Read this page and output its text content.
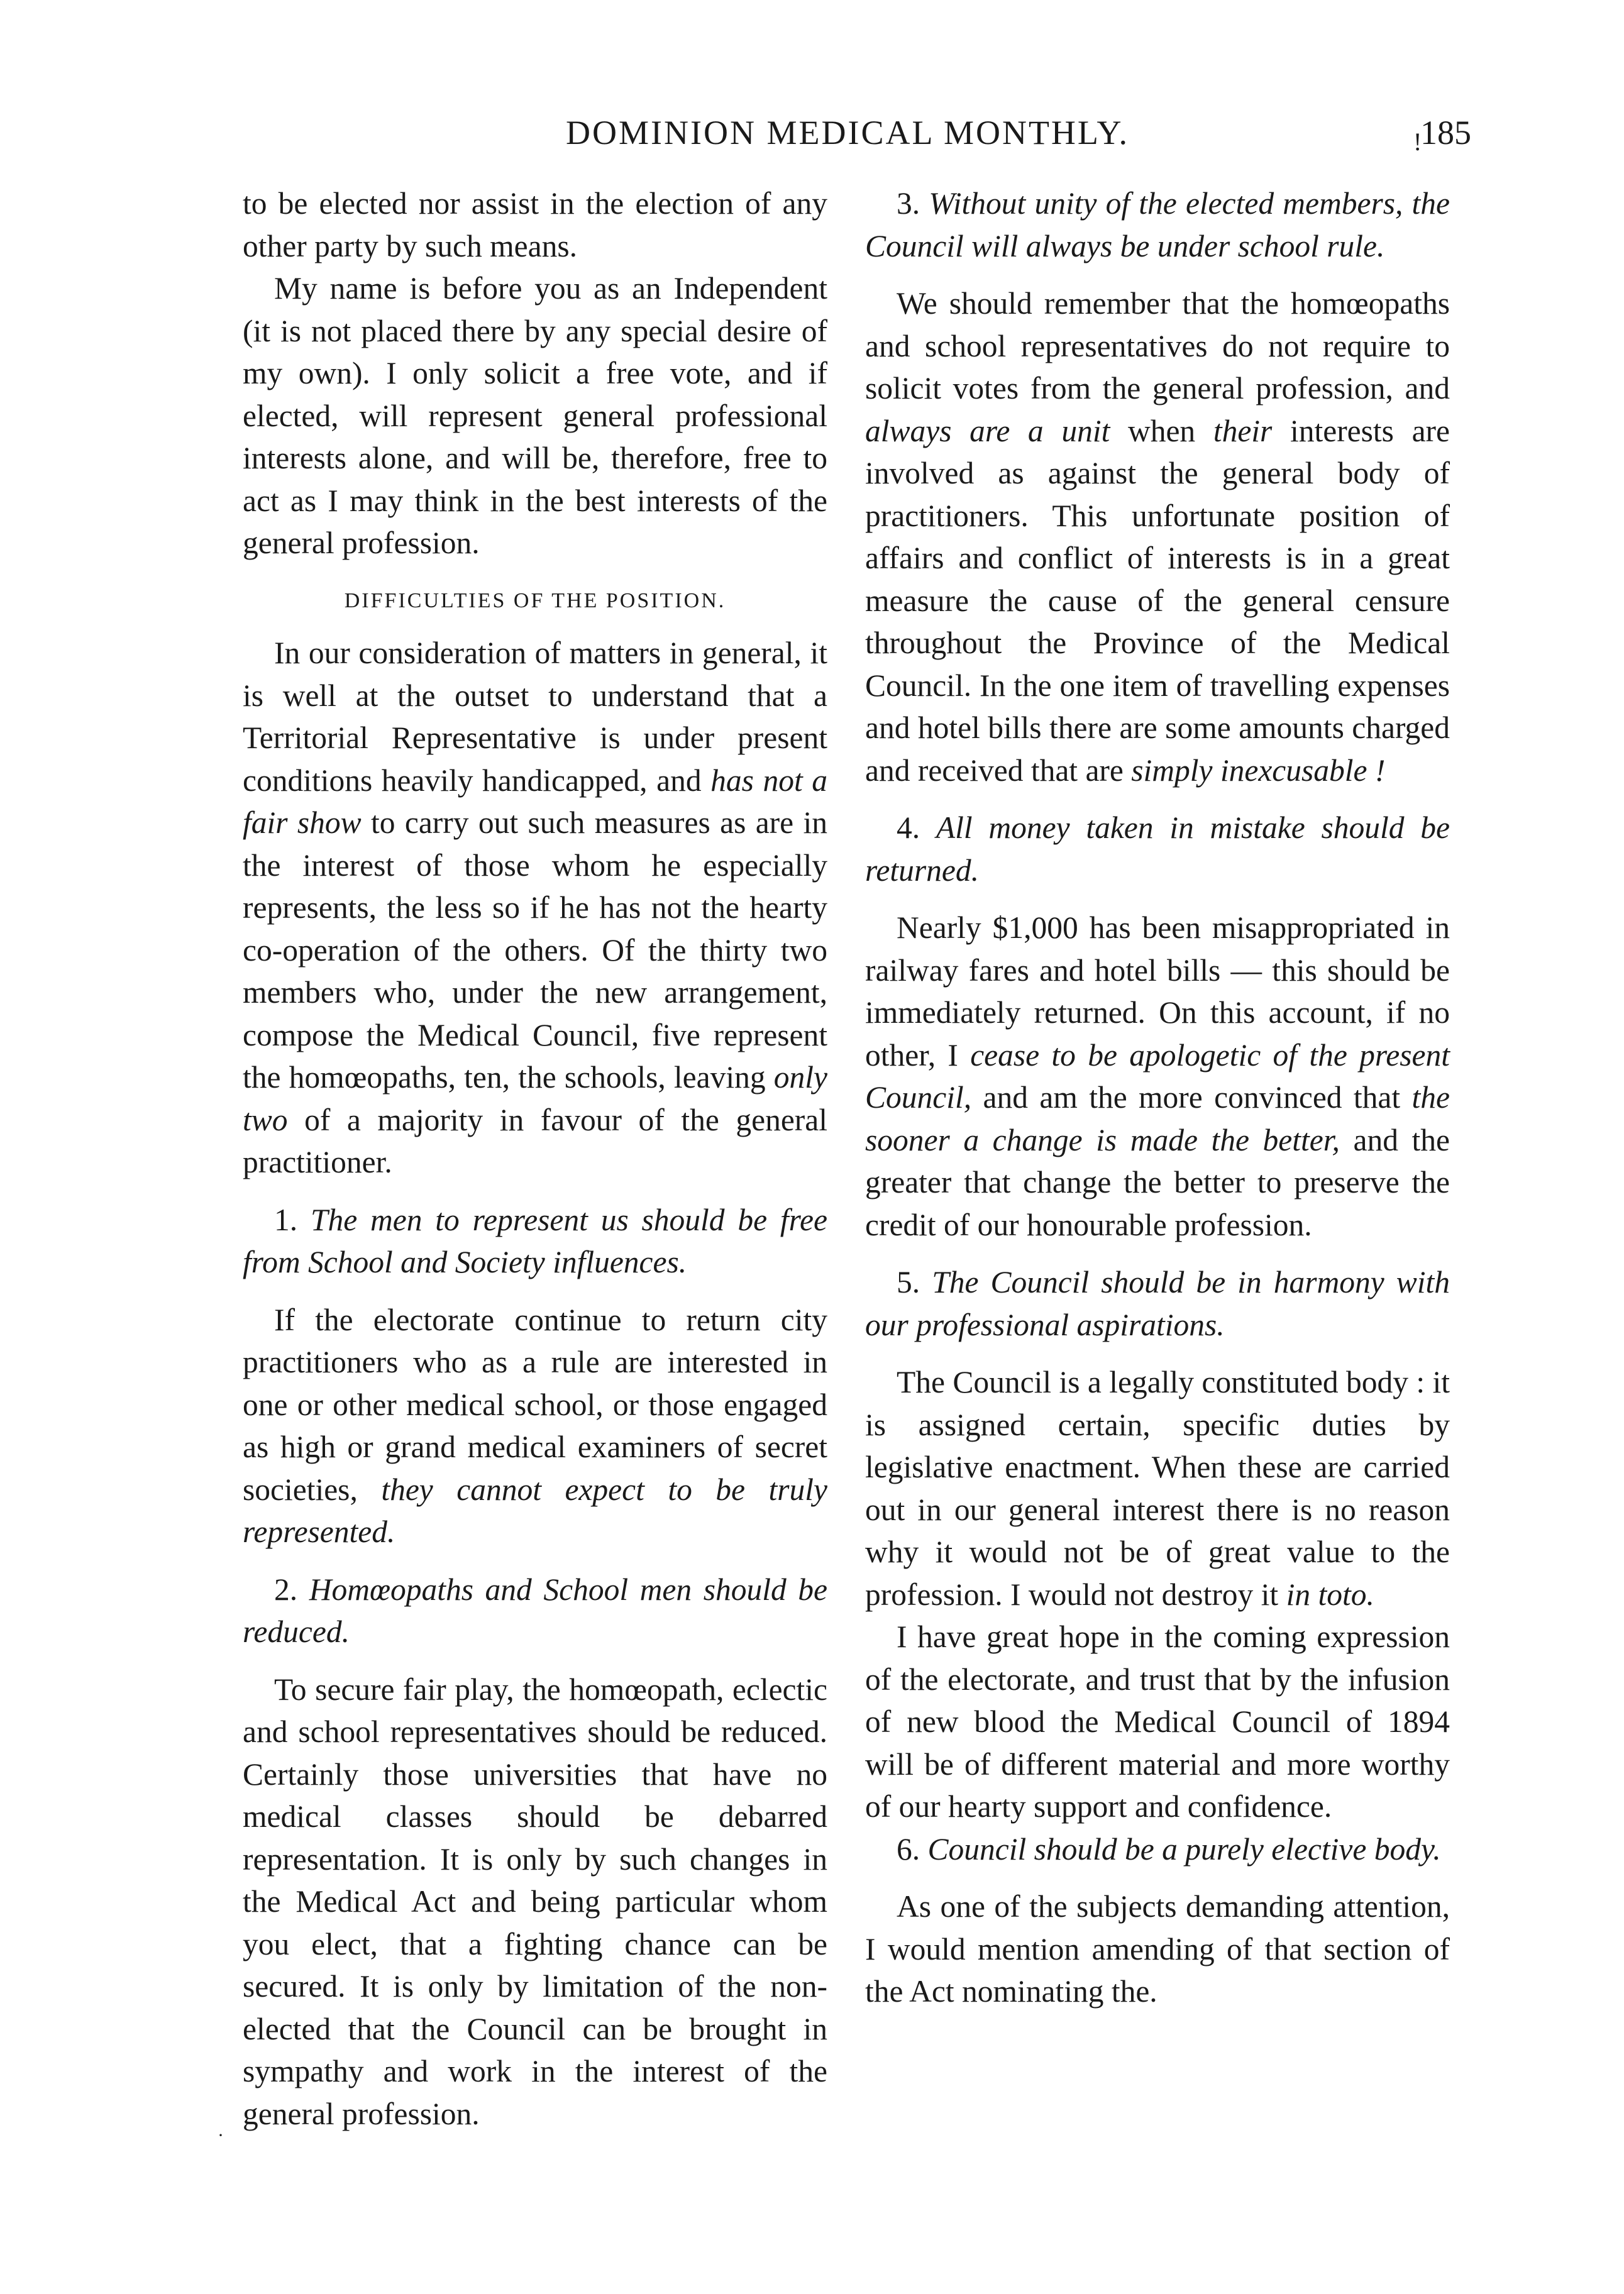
!
DOMINION MEDICAL MONTHLY.	185

to be elected nor assist in the election of any other party by such means.

My name is before you as an Independent (it is not placed there by any special desire of my own). I only solicit a free vote, and if elected, will represent general professional interests alone, and will be, therefore, free to act as I may think in the best interests of the general profession.

DIFFICULTIES OF THE POSITION.

In our consideration of matters in general, it is well at the outset to understand that a Territorial Representative is under present conditions heavily handicapped, and has not a fair show to carry out such measures as are in the interest of those whom he especially represents, the less so if he has not the hearty co-operation of the others. Of the thirty two members who, under the new arrangement, compose the Medical Council, five represent the homœopaths, ten, the schools, leaving only two of a majority in favour of the general practitioner.

1. The men to represent us should be free from School and Society influences.

If the electorate continue to return city practitioners who as a rule are interested in one or other medical school, or those engaged as high or grand medical examiners of secret societies, they cannot expect to be truly represented.

2. Homœopaths and School men should be reduced.

To secure fair play, the homœopath, eclectic and school representatives should be reduced. Certainly those universities that have no medical classes should be debarred representation. It is only by such changes in the Medical Act and being particular whom you elect, that a fighting chance can be secured. It is only by limitation of the non-elected that the Council can be brought in sympathy and work in the interest of the general profession.

3. Without unity of the elected members, the Council will always be under school rule.

We should remember that the homœopaths and school representatives do not require to solicit votes from the general profession, and always are a unit when their interests are involved as against the general body of practitioners. This unfortunate position of affairs and conflict of interests is in a great measure the cause of the general censure throughout the Province of the Medical Council. In the one item of travelling expenses and hotel bills there are some amounts charged and received that are simply inexcusable !

4. All money taken in mistake should be returned.

Nearly $1,000 has been misappropriated in railway fares and hotel bills — this should be immediately returned. On this account, if no other, I cease to be apologetic of the present Council, and am the more convinced that the sooner a change is made the better, and the greater that change the better to preserve the credit of our honourable profession.

5. The Council should be in harmony with our professional aspirations.

The Council is a legally constituted body : it is assigned certain, specific duties by legislative enactment. When these are carried out in our general interest there is no reason why it would not be of great value to the profession. I would not destroy it in toto.

I have great hope in the coming expression of the electorate, and trust that by the infusion of new blood the Medical Council of 1894 will be of different material and more worthy of our hearty support and confidence.

6. Council should be a purely elective body.

As one of the subjects demanding attention, I would mention amending of that section of the Act nominating the.

·
